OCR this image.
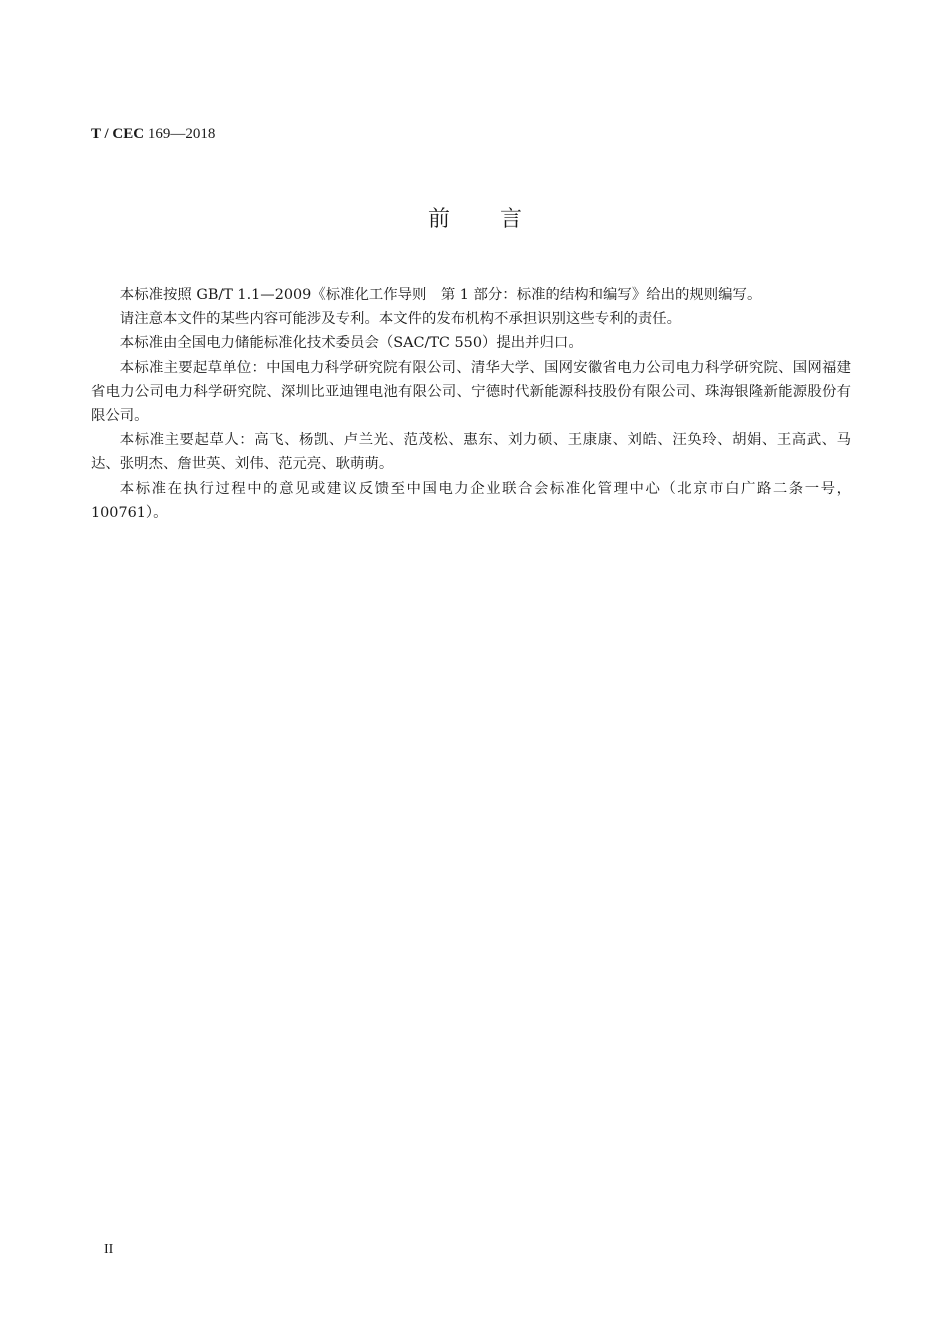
T / CEC 169—2018
前 言

本标准按照 GB/T 1.1—2009《标准化工作导则　第 1 部分：标准的结构和编写》给出的规则编写。

请注意本文件的某些内容可能涉及专利。本文件的发布机构不承担识别这些专利的责任。

本标准由全国电力储能标准化技术委员会（SAC/TC 550）提出并归口。

本标准主要起草单位：中国电力科学研究院有限公司、清华大学、国网安徽省电力公司电力科学研究院、国网福建省电力公司电力科学研究院、深圳比亚迪锂电池有限公司、宁德时代新能源科技股份有限公司、珠海银隆新能源股份有限公司。

本标准主要起草人：高飞、杨凯、卢兰光、范茂松、惠东、刘力硕、王康康、刘皓、汪奂玲、胡娟、王高武、马达、张明杰、詹世英、刘伟、范元亮、耿萌萌。

本标准在执行过程中的意见或建议反馈至中国电力企业联合会标准化管理中心（北京市白广路二条一号，100761）。

II
